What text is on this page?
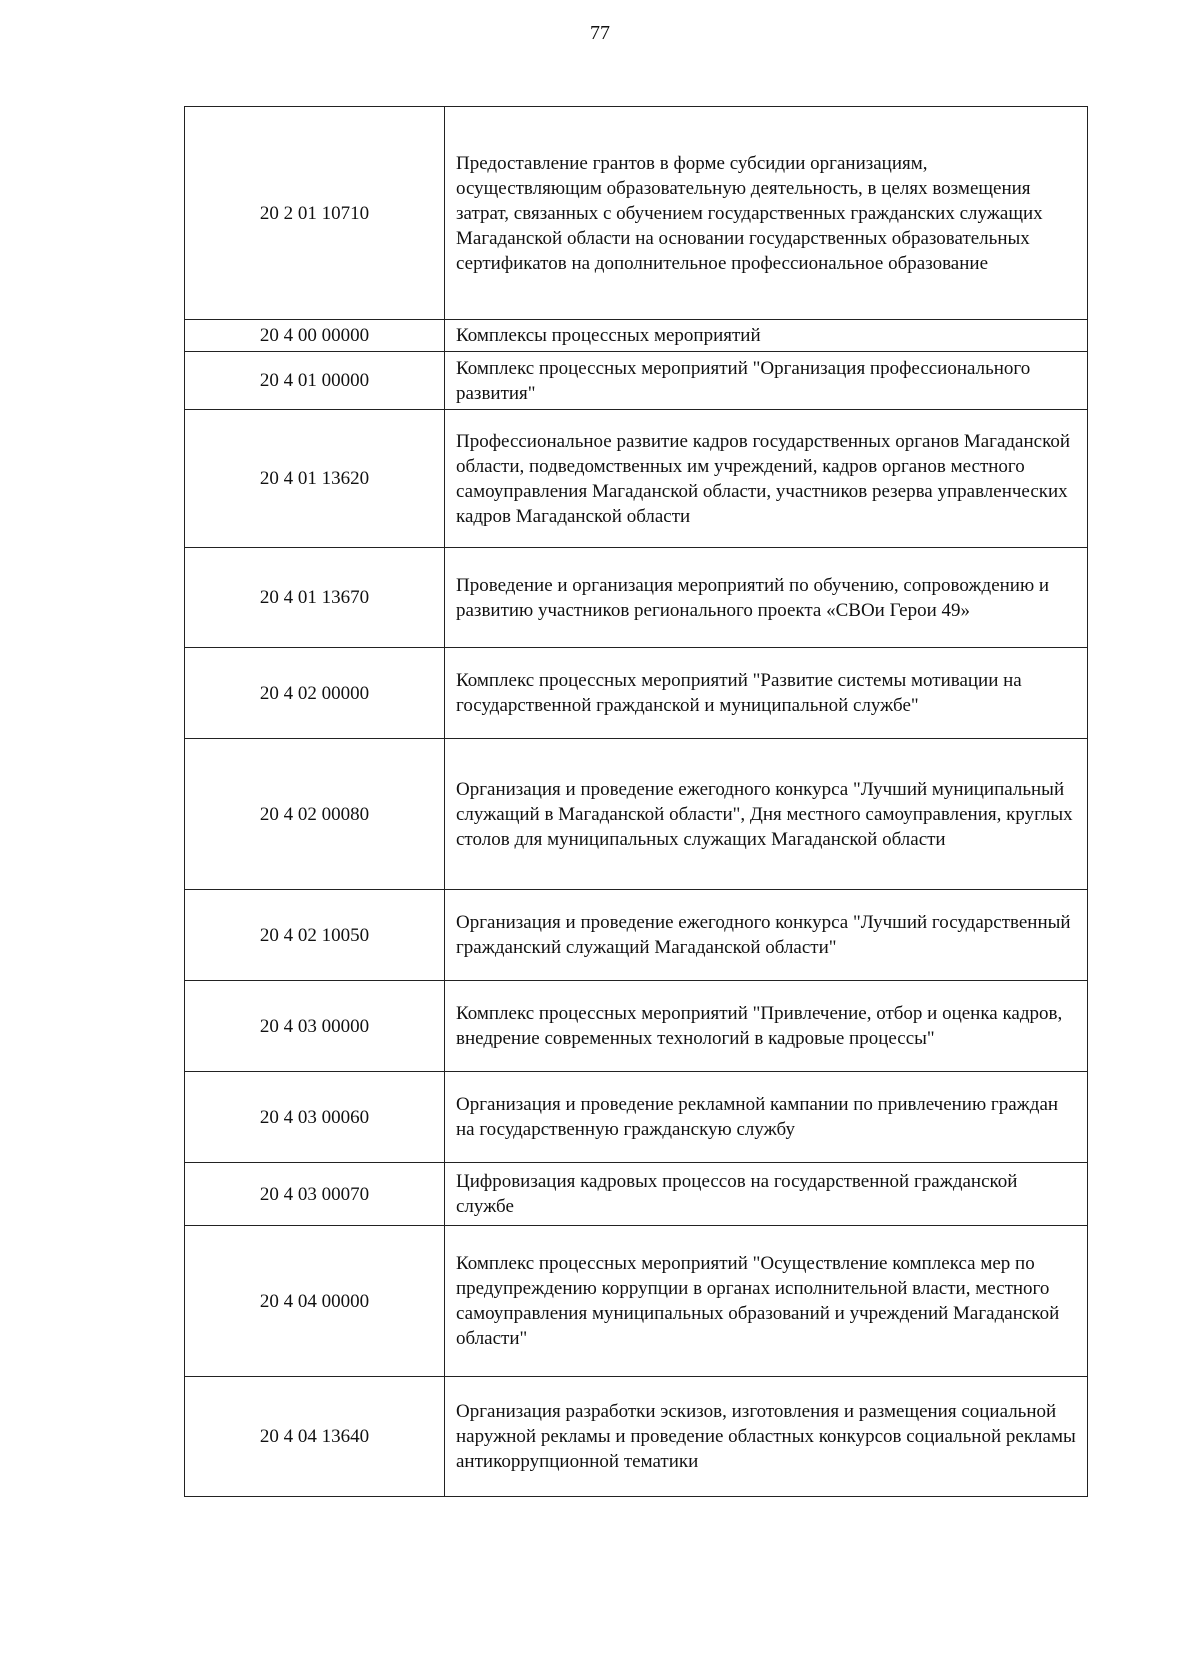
77
20 2 01 10710	Предоставление грантов в форме субсидии организациям, осуществляющим образовательную деятельность, в целях возмещения затрат, связанных с обучением государственных гражданских служащих Магаданской области на основании государственных образовательных сертификатов на дополнительное профессиональное образование
20 4 00 00000	Комплексы процессных мероприятий
20 4 01 00000	Комплекс процессных мероприятий "Организация профессионального развития"
20 4 01 13620	Профессиональное развитие кадров государственных органов Магаданской области, подведомственных им учреждений, кадров органов местного самоуправления Магаданской области, участников резерва управленческих кадров Магаданской области
20 4 01 13670	Проведение и организация мероприятий по обучению, сопровождению и развитию участников регионального проекта «СВОи Герои 49»
20 4 02 00000	Комплекс процессных мероприятий "Развитие системы мотивации на государственной гражданской и муниципальной службе"
20 4 02 00080	Организация и проведение ежегодного конкурса "Лучший муниципальный служащий в Магаданской области", Дня местного самоуправления, круглых столов для муниципальных служащих Магаданской области
20 4 02 10050	Организация и проведение ежегодного конкурса "Лучший государственный гражданский служащий Магаданской области"
20 4 03 00000	Комплекс процессных мероприятий "Привлечение, отбор и оценка кадров, внедрение современных технологий в кадровые процессы"
20 4 03 00060	Организация и проведение рекламной кампании по привлечению граждан на государственную гражданскую службу
20 4 03 00070	Цифровизация кадровых процессов на государственной гражданской службе
20 4 04 00000	Комплекс процессных мероприятий "Осуществление комплекса мер по предупреждению коррупции в органах исполнительной власти, местного самоуправления муниципальных образований и учреждений Магаданской области"
20 4 04 13640	Организация разработки эскизов, изготовления и размещения социальной наружной рекламы и проведение областных конкурсов социальной рекламы антикоррупционной тематики
